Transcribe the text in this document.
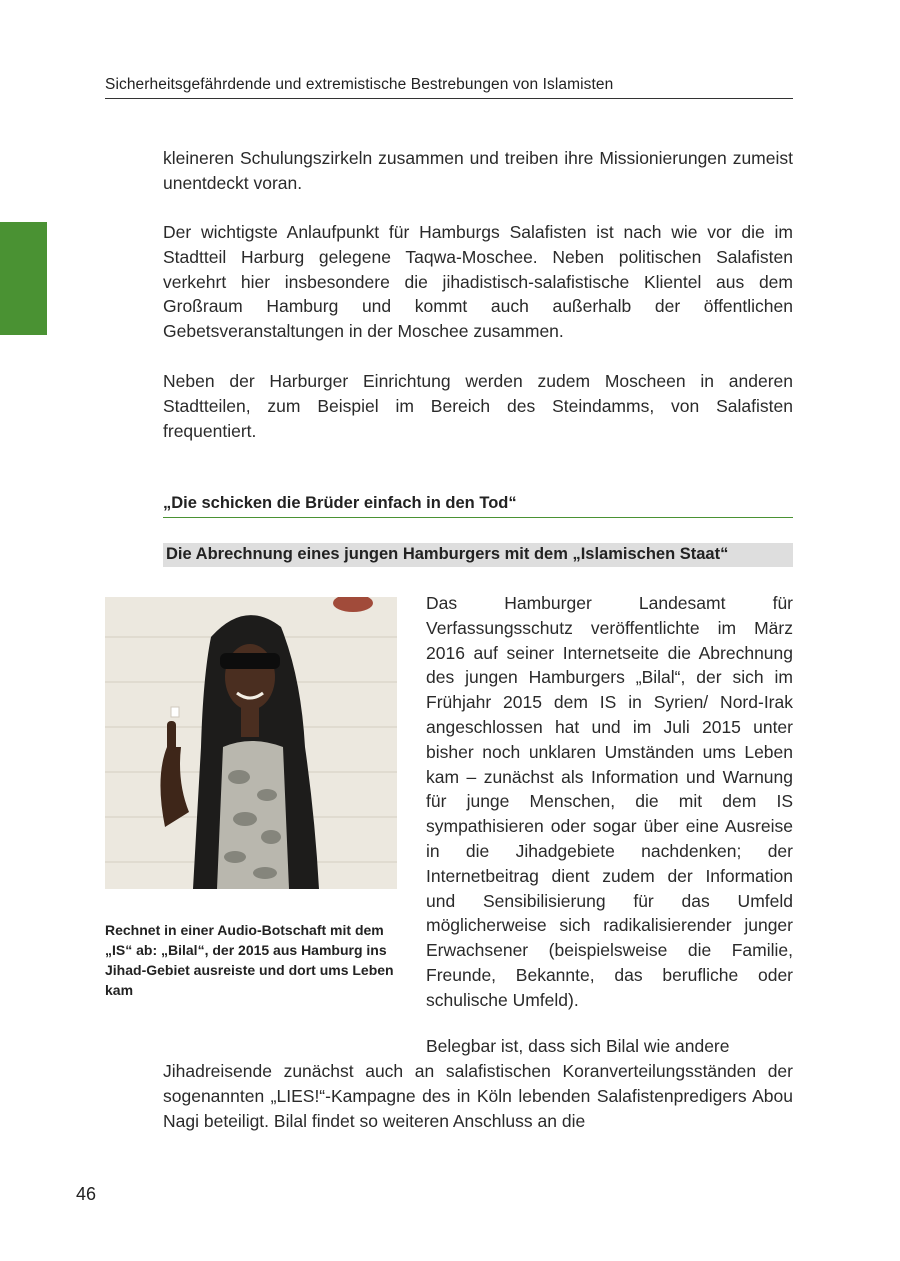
Sicherheitsgefährdende und extremistische Bestrebungen von Islamisten

kleineren Schulungszirkeln zusammen und treiben ihre Missionierungen zumeist unentdeckt voran.

Der wichtigste Anlaufpunkt für Hamburgs Salafisten ist nach wie vor die im Stadtteil Harburg gelegene Taqwa-Moschee. Neben politischen Salafisten verkehrt hier insbesondere die jihadistisch-salafistische Klientel aus dem Großraum Hamburg und kommt auch außerhalb der öffentlichen Gebetsveranstaltungen in der Moschee zusammen.

Neben der Harburger Einrichtung werden zudem Moscheen in anderen Stadtteilen, zum Beispiel im Bereich des Steindamms, von Salafisten frequentiert.

„Die schicken die Brüder einfach in den Tod“
Die Abrechnung eines jungen Hamburgers mit dem „Islamischen Staat“
Rechnet in einer Audio-Botschaft mit dem „IS“ ab: „Bilal“, der 2015 aus Hamburg ins Jihad-Gebiet ausreiste und dort ums Leben kam

Das Hamburger Landesamt für Verfassungsschutz veröffentlichte im März 2016 auf seiner Internetseite die Abrechnung des jungen Hamburgers „Bilal“, der sich im Frühjahr 2015 dem IS in Syrien/ Nord-Irak angeschlossen hat und im Juli 2015 unter bisher noch unklaren Umständen ums Leben kam – zunächst als Information und Warnung für junge Menschen, die mit dem IS sympathisieren oder sogar über eine Ausreise in die Jihadgebiete nachdenken; der Internetbeitrag dient zudem der Information und Sensibilisierung für das Umfeld möglicherweise sich radikalisierender junger Erwachsener (beispielsweise die Familie, Freunde, Bekannte, das berufliche oder schulische Umfeld).

Belegbar ist, dass sich Bilal wie andere

Jihadreisende zunächst auch an salafistischen Koranverteilungsständen der sogenannten „LIES!“-Kampagne des in Köln lebenden Salafistenpredigers Abou Nagi beteiligt. Bilal findet so weiteren Anschluss an die

46
